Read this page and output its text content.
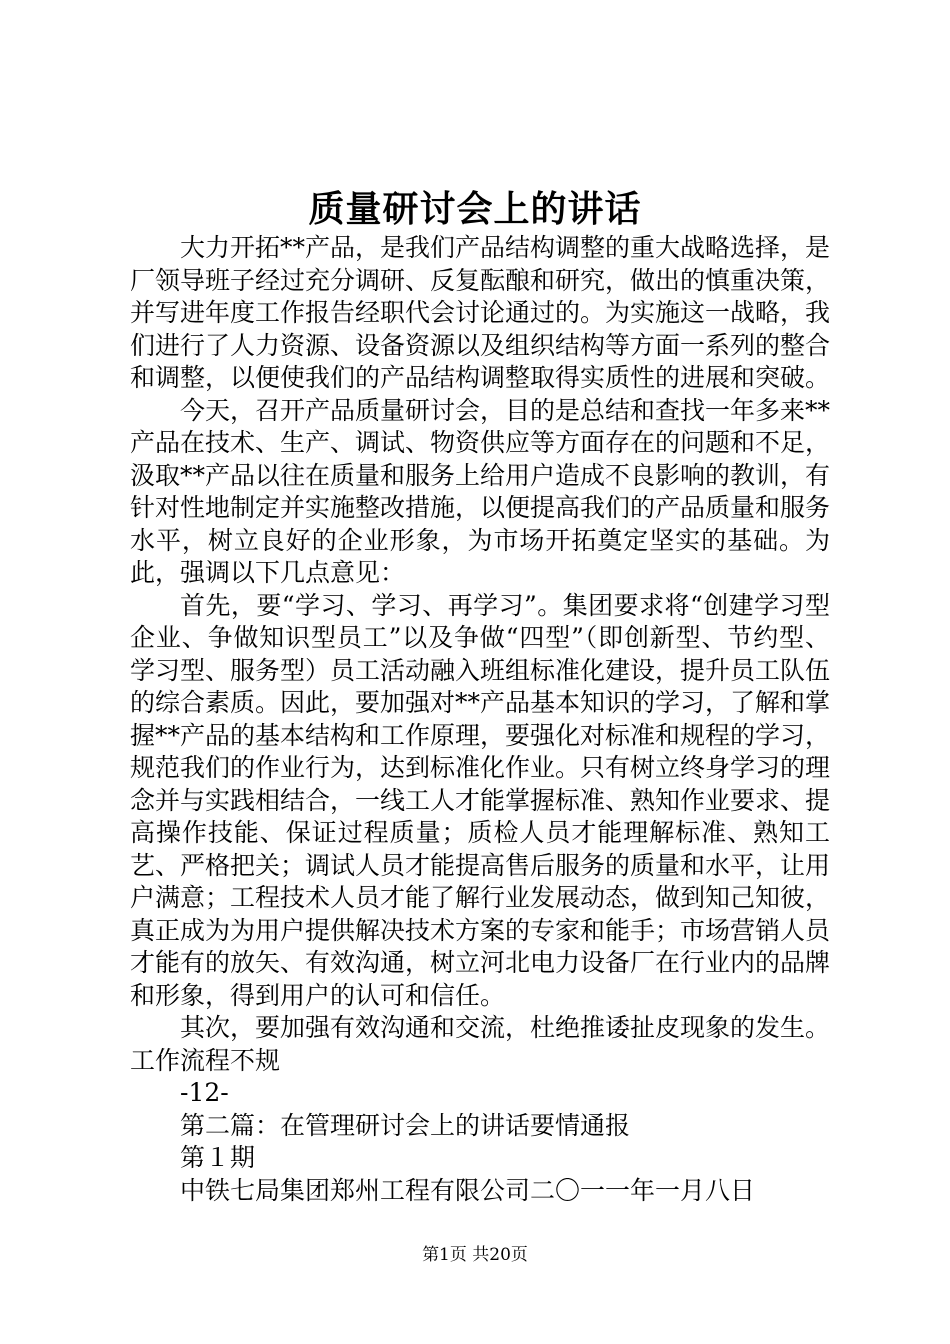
质量研讨会上的讲话

大力开拓**产品，是我们产品结构调整的重大战略选择，是厂领导班子经过充分调研、反复酝酿和研究，做出的慎重决策，并写进年度工作报告经职代会讨论通过的。为实施这一战略，我们进行了人力资源、设备资源以及组织结构等方面一系列的整合和调整，以便使我们的产品结构调整取得实质性的进展和突破。

今天，召开产品质量研讨会，目的是总结和查找一年多来**产品在技术、生产、调试、物资供应等方面存在的问题和不足，汲取**产品以往在质量和服务上给用户造成不良影响的教训，有针对性地制定并实施整改措施，以便提高我们的产品质量和服务水平，树立良好的企业形象，为市场开拓奠定坚实的基础。为此，强调以下几点意见：

首先，要“学习、学习、再学习”。集团要求将“创建学习型企业、争做知识型员工”以及争做“四型”（即创新型、节约型、学习型、服务型）员工活动融入班组标准化建设，提升员工队伍的综合素质。因此，要加强对**产品基本知识的学习，了解和掌握**产品的基本结构和工作原理，要强化对标准和规程的学习，规范我们的作业行为，达到标准化作业。只有树立终身学习的理念并与实践相结合，一线工人才能掌握标准、熟知作业要求、提高操作技能、保证过程质量；质检人员才能理解标准、熟知工艺、严格把关；调试人员才能提高售后服务的质量和水平，让用户满意；工程技术人员才能了解行业发展动态，做到知己知彼，真正成为为用户提供解决技术方案的专家和能手；市场营销人员才能有的放矢、有效沟通，树立河北电力设备厂在行业内的品牌和形象，得到用户的认可和信任。

其次，要加强有效沟通和交流，杜绝推诿扯皮现象的发生。工作流程不规

-12-

第二篇：在管理研讨会上的讲话要情通报

第１期

中铁七局集团郑州工程有限公司二〇一一年一月八日

第1页 共20页
